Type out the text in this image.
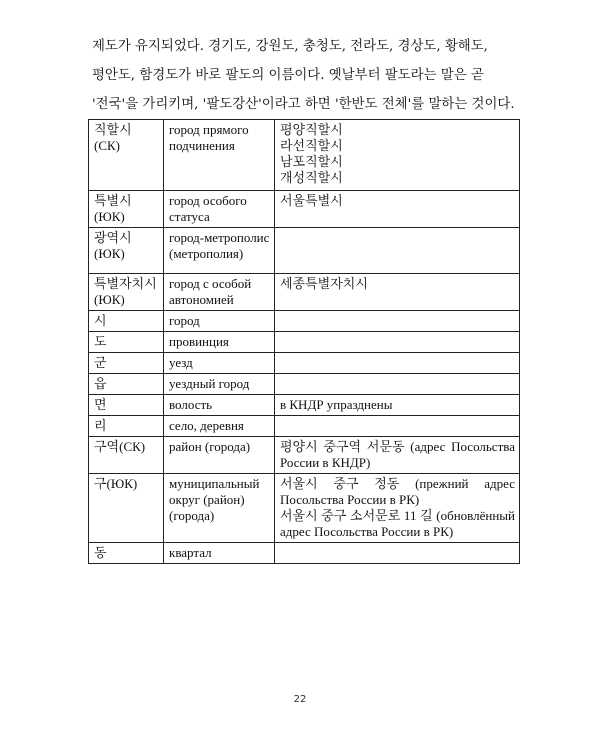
제도가 유지되었다. 경기도, 강원도, 충청도, 전라도, 경상도, 황해도,

평안도, 함경도가 바로 팔도의 이름이다. 옛날부터 팔도라는 말은 곧

'전국'을 가리키며, '팔도강산'이라고 하면 '한반도 전체'를 말하는 것이다.

직할시 (СК)	город прямого подчинения	평양직할시
라선직할시
남포직할시
개성직할시

특별시 (ЮК)	город особого статуса	서울특별시

광역시 (ЮК)	город-метрополис (метрополия)	
특별자치시 (ЮК)	город с особой автономией	세종특별자치시

시	город	
도	провинция	
군	уезд	
읍	уездный город	
면	волость	в КНДР упразднены

리	село, деревня	
구역(СК)	район (города)	평양시 중구역 서문동 (адрес Посольства России в КНДР)

구(ЮК)	муниципальный округ (район) (города)	서울시 중구 정동 (прежний адрес Посольства России в РК)
서울시 중구 소서문로 11 길 (обновлённый адрес Посольства России в РК)

동	квартал	
22
